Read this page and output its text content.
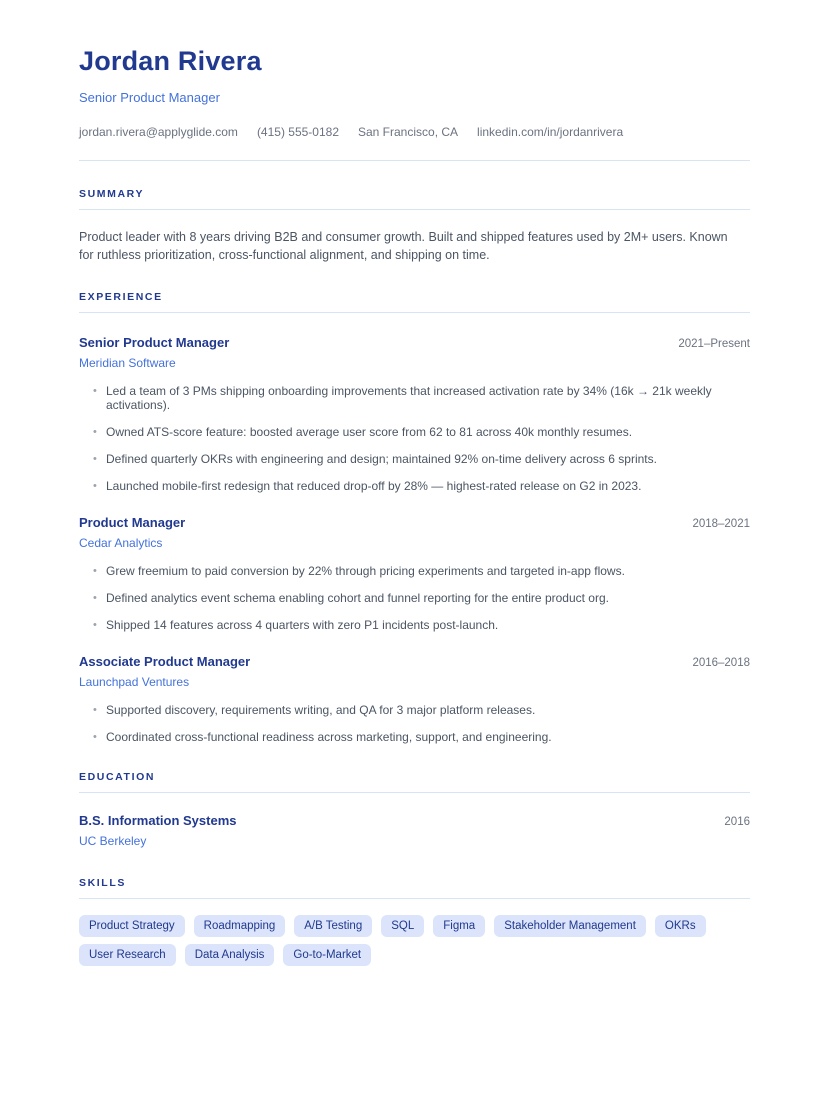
Jordan Rivera
Senior Product Manager
jordan.rivera@applyglide.com (415) 555-0182 San Francisco, CA linkedin.com/in/jordanrivera
SUMMARY

Product leader with 8 years driving B2B and consumer growth. Built and shipped features used by 2M+ users. Known for ruthless prioritization, cross-functional alignment, and shipping on time.

EXPERIENCE
Senior Product Manager	2021–Present
Meridian Software
• Led a team of 3 PMs shipping onboarding improvements that increased activation rate by 34% (16k → 21k weekly activations).
• Owned ATS-score feature: boosted average user score from 62 to 81 across 40k monthly resumes.
• Defined quarterly OKRs with engineering and design; maintained 92% on-time delivery across 6 sprints.
• Launched mobile-first redesign that reduced drop-off by 28% — highest-rated release on G2 in 2023.
Product Manager	2018–2021
Cedar Analytics
• Grew freemium to paid conversion by 22% through pricing experiments and targeted in-app flows.
• Defined analytics event schema enabling cohort and funnel reporting for the entire product org.
• Shipped 14 features across 4 quarters with zero P1 incidents post-launch.
Associate Product Manager	2016–2018
Launchpad Ventures
• Supported discovery, requirements writing, and QA for 3 major platform releases.
• Coordinated cross-functional readiness across marketing, support, and engineering.
EDUCATION
B.S. Information Systems	2016
UC Berkeley
SKILLS
Product Strategy	Roadmapping	A/B Testing	SQL	Figma	Stakeholder Management	OKRs
User Research	Data Analysis	Go-to-Market
